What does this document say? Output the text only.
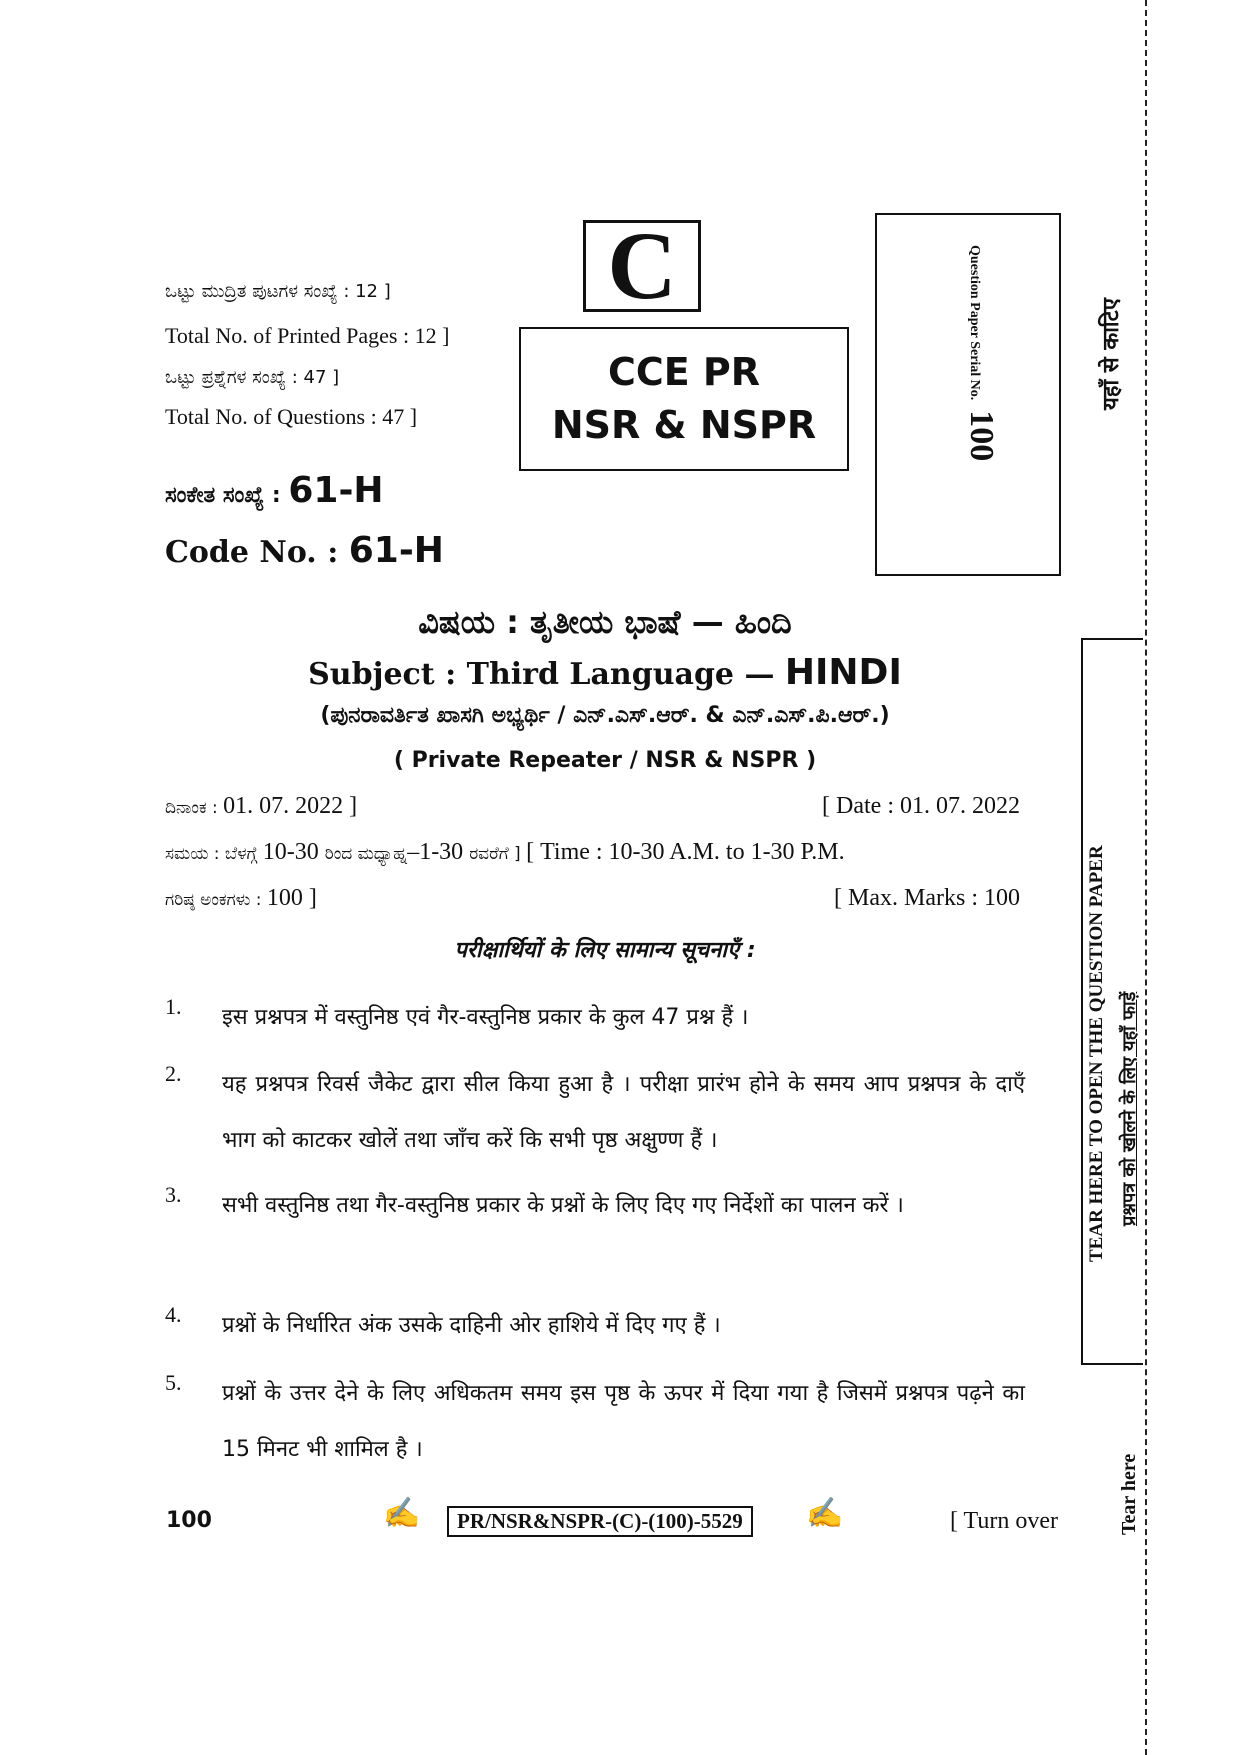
ಒಟ್ಟು ಮುದ್ರಿತ ಪುಟಗಳ ಸಂಖ್ಯೆ : 12 ]
Total No. of Printed Pages : 12 ]
ಒಟ್ಟು ಪ್ರಶ್ನೆಗಳ ಸಂಖ್ಯೆ : 47 ]
Total No. of Questions : 47 ]
ಸಂಕೇತ ಸಂಖ್ಯೆ : 61-H
Code No. : 61-H
C
CCE PR
NSR & NSPR
Question Paper Serial No.
100
यहाँ से काटिए
TEAR HERE TO OPEN THE QUESTION PAPER प्रश्नपत्र को खोलने के लिए यहाँ फाड़ें
Tear here
ವಿಷಯ : ತೃತೀಯ ಭಾಷೆ — ಹಿಂದಿ
Subject : Third Language — HINDI
(ಪುನರಾವರ್ತಿತ ಖಾಸಗಿ ಅಭ್ಯರ್ಥಿ / ಎನ್.ಎಸ್.ಆರ್. & ಎನ್.ಎಸ್.ಪಿ.ಆರ್.)
( Private Repeater / NSR & NSPR )
ದಿನಾಂಕ : 01. 07. 2022 ]	[ Date : 01. 07. 2022
ಸಮಯ : ಬೆಳಗ್ಗೆ 10-30 ರಿಂದ ಮಧ್ಯಾಹ್ನ–1-30 ರವರೆಗೆ ] [ Time : 10-30 A.M. to 1-30 P.M.
ಗರಿಷ್ಠ ಅಂಕಗಳು : 100 ]	[ Max. Marks : 100
परीक्षार्थियों के लिए सामान्य सूचनाएँ :
1.	इस प्रश्नपत्र में वस्तुनिष्ठ एवं गैर-वस्तुनिष्ठ प्रकार के कुल 47 प्रश्न हैं ।
2.	यह प्रश्नपत्र रिवर्स जैकेट द्वारा सील किया हुआ है । परीक्षा प्रारंभ होने के समय आप प्रश्नपत्र के दाएँ भाग को काटकर खोलें तथा जाँच करें कि सभी पृष्ठ अक्षुण्ण हैं ।
3.	सभी वस्तुनिष्ठ तथा गैर-वस्तुनिष्ठ प्रकार के प्रश्नों के लिए दिए गए निर्देशों का पालन करें ।
4.	प्रश्नों के निर्धारित अंक उसके दाहिनी ओर हाशिये में दिए गए हैं ।
5.	प्रश्नों के उत्तर देने के लिए अधिकतम समय इस पृष्ठ के ऊपर में दिया गया है जिसमें प्रश्नपत्र पढ़ने का 15 मिनट भी शामिल है ।
100	✍	PR/NSR&NSPR-(C)-(100)-5529	✍	[ Turn over
